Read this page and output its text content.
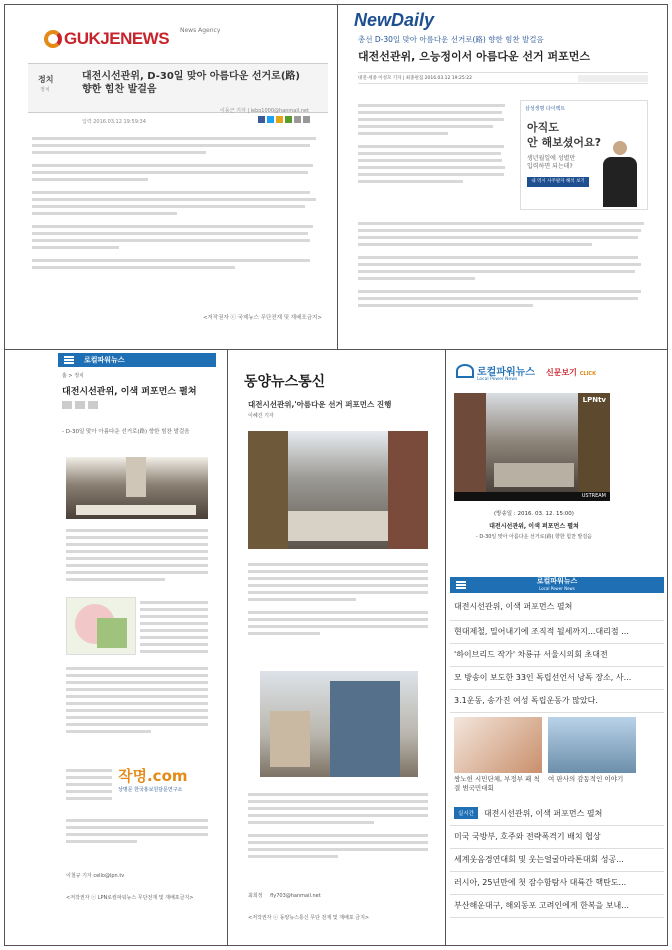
GUKJENEWS News Agency
정치
정치
대전시선관위, D-30일 맞아 아름다운 선거로(路) 향한 힘찬 발걸음
입력 2016.03.12 19:59:34
이동근 기자 | lebo1000@hanmail.net
<저작권자 ⓒ 국제뉴스 무단전재 및 재배포금지>
NewDaily
총선 D-30일 맞아 아름다운 선거로(路) 향한 힘찬 발걸음
대전선관위, 으능정이서 아름다운 선거 퍼포먼스
대전·세종 이성모 기자 | 최종편집 2016.03.12 19:25:22
삼성생명 다이렉트
아직도
안 해보셨어요?
생년월일에 성별만
입력하면 되는데?
내 역시 사주팔자 해석 보기
로컬파워뉴스
홈 > 정치
대전시선관위, 이색 퍼포먼스 펼쳐
- D-30일 맞아 아름다운 선거로(路) 향한 힘찬 발걸음
작명.com
상명문 한국홍보원담문연구소
이철규 기자 cello@lpn.tv
<저작권자 ⓒ LPN로컬파워뉴스 무단전재 및 재배포금지>
동양뉴스통신
대전시선관위,'아름다운 선거 퍼포먼스 진행
이혜진 기자
최희정 fly703@hanmail.net
<저작권자 ⓒ 동양뉴스통신 무단 전재 및 재배포 금지>
로컬파워뉴스
Local Power News
신문보기 CLICK
LPNtv
USTREAM
(방송일 : 2016. 03. 12. 15:00)
대전시선관위, 이색 퍼포먼스 펼쳐
- D-30일 맞아 아름다운 선거로(路) 향한 힘찬 발걸음
로컬파워뉴스
Local Power News
대전시선관위, 이색 퍼포먼스 펼쳐
현대제철, 밀어내기에 조직적 될세까지...대리점 ...
'하이브리드 작가' 차룡규 서울시의회 초대전
모 방송이 보도한 33인 독립선언서 낭독 장소, 사...
3.1운동, 송가진 여성 독립운동가 많았다.
쌍노헌 시민단체, 부정부 패 척결 범국민대회
여 판사의 감동적인 이야기
실시간	대전시선관위, 이색 퍼포먼스 펼쳐
미국 국방부, 호주와 전략폭격기 배치 협상
세계웃음경연대회 및 웃는얼굴마라톤대회 성공...
러시아, 25년만에 첫 잠수함탐사 대륙간 핵탄도...
부산해운대구, 해외동포 고려인에게 한복을 보내...
